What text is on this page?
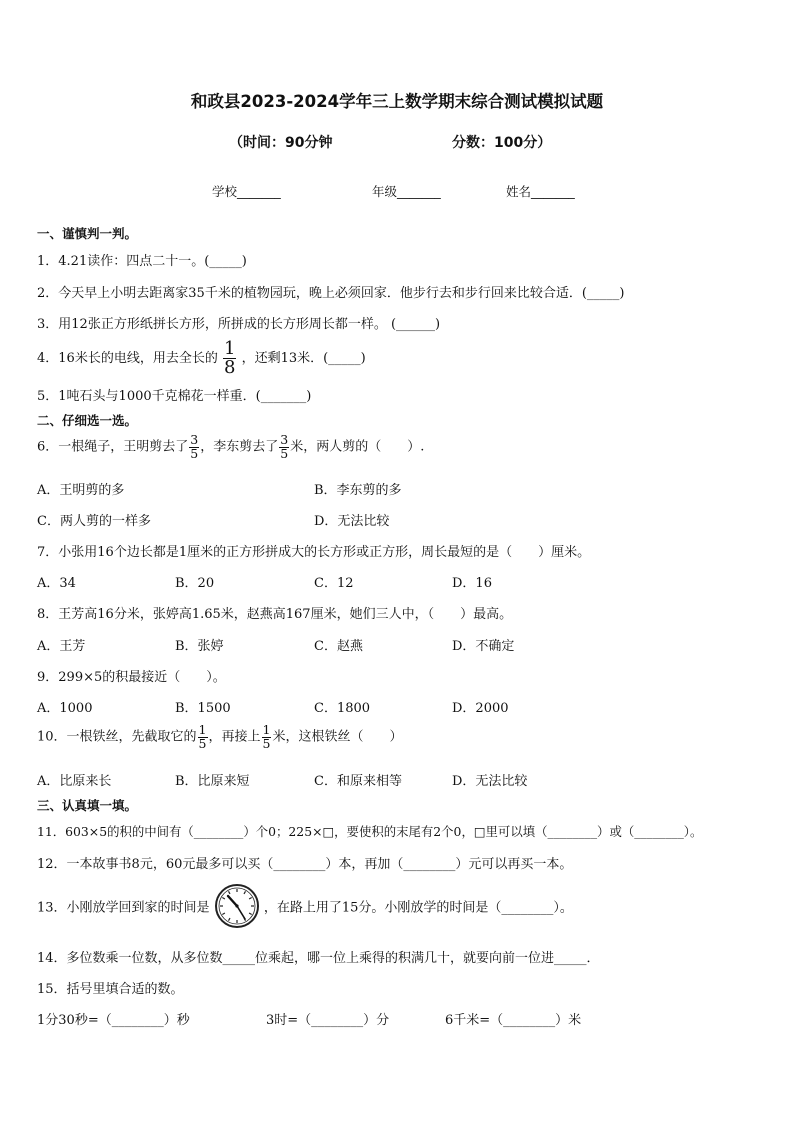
和政县2023-2024学年三上数学期末综合测试模拟试题
（时间：90分钟	分数：100分）
学校_______	年级_______	姓名_______
一、谨慎判一判。
1．4.21读作：四点二十一。(_____)
2．今天早上小明去距离家35千米的植物园玩，晚上必须回家．他步行去和步行回来比较合适．(_____)
3．用12张正方形纸拼长方形，所拼成的长方形周长都一样。 (______)
4．16米长的电线，用去全长的 $\frac{1}{8}$ ，还剩13米．(_____)
5．1吨石头与1000千克棉花一样重．(_______)
二、仔细选一选。
6．一根绳子，王明剪去了 $\frac{3}{5}$ ，李东剪去了 $\frac{3}{5}$ 米，两人剪的（　　）.
A．王明剪的多	B．李东剪的多
C．两人剪的一样多	D．无法比较
7．小张用16个边长都是1厘米的正方形拼成大的长方形或正方形，周长最短的是（　　）厘米。
A．34	B．20	C．12	D．16
8．王芳高16分米，张婷高1.65米，赵燕高167厘米，她们三人中，（　　）最高。
A．王芳	B．张婷	C．赵燕	D．不确定
9．299×5的积最接近（　　）。
A．1000	B．1500	C．1800	D．2000
10．一根铁丝，先截取它的 $\frac{1}{5}$ ，再接上 $\frac{1}{5}$ 米，这根铁丝（　　）
A．比原来长	B．比原来短	C．和原来相等	D．无法比较
三、认真填一填。
11．603×5的积的中间有（________）个0；225×□，要使积的末尾有2个0，□里可以填（________）或（________）。
12．一本故事书8元，60元最多可以买（________）本，再加（________）元可以再买一本。
13．小刚放学回到家的时间是	，在路上用了15分。小刚放学的时间是（________）。
14．多位数乘一位数，从多位数_____位乘起，哪一位上乘得的积满几十，就要向前一位进_____．
15．括号里填合适的数。
1分30秒=（________）秒	3时=（________）分	6千米=（________）米
